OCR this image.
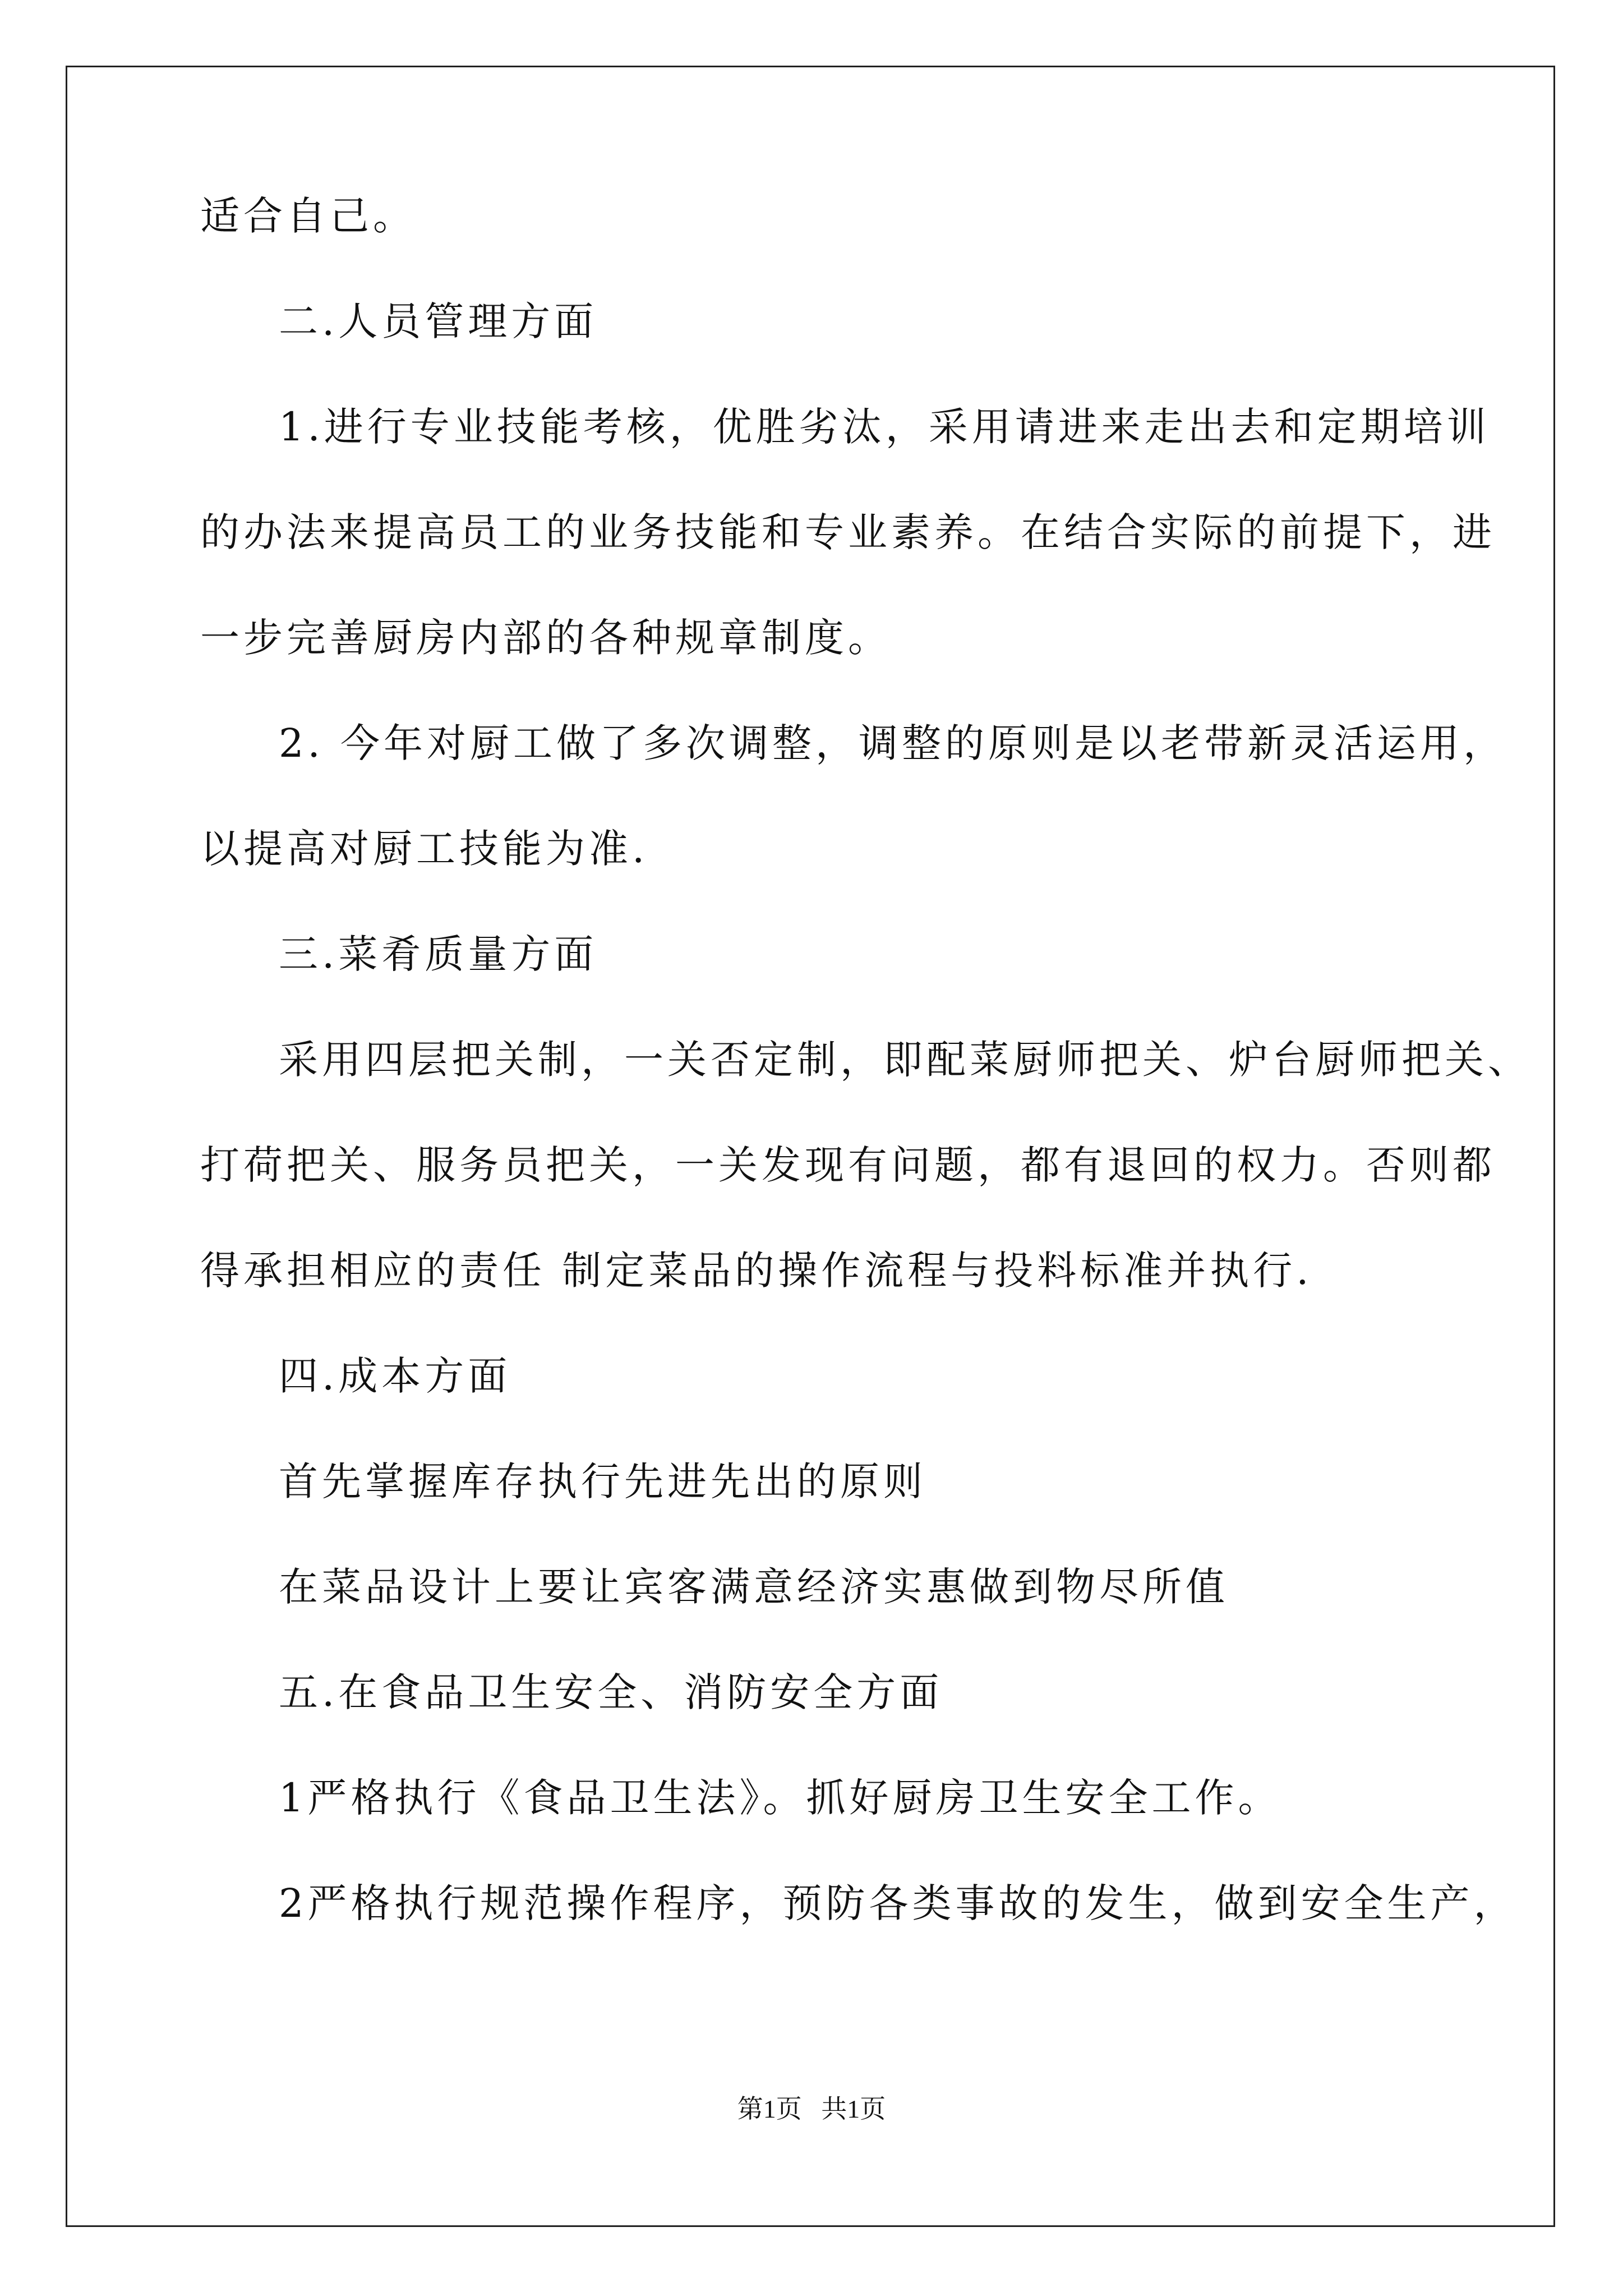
适合自己。
二.人员管理方面
1.进行专业技能考核，优胜劣汰，采用请进来走出去和定期培训
的办法来提高员工的业务技能和专业素养。在结合实际的前提下，进
一步完善厨房内部的各种规章制度。
2. 今年对厨工做了多次调整，调整的原则是以老带新灵活运用，
以提高对厨工技能为准.
三.菜肴质量方面
采用四层把关制，一关否定制，即配菜厨师把关、炉台厨师把关、
打荷把关、服务员把关，一关发现有问题，都有退回的权力。否则都
得承担相应的责任 制定菜品的操作流程与投料标准并执行.
四.成本方面
首先掌握库存执行先进先出的原则
在菜品设计上要让宾客满意经济实惠做到物尽所值
五.在食品卫生安全、消防安全方面
1严格执行《食品卫生法》。抓好厨房卫生安全工作。
2严格执行规范操作程序，预防各类事故的发生，做到安全生产，
第1页   共1页
